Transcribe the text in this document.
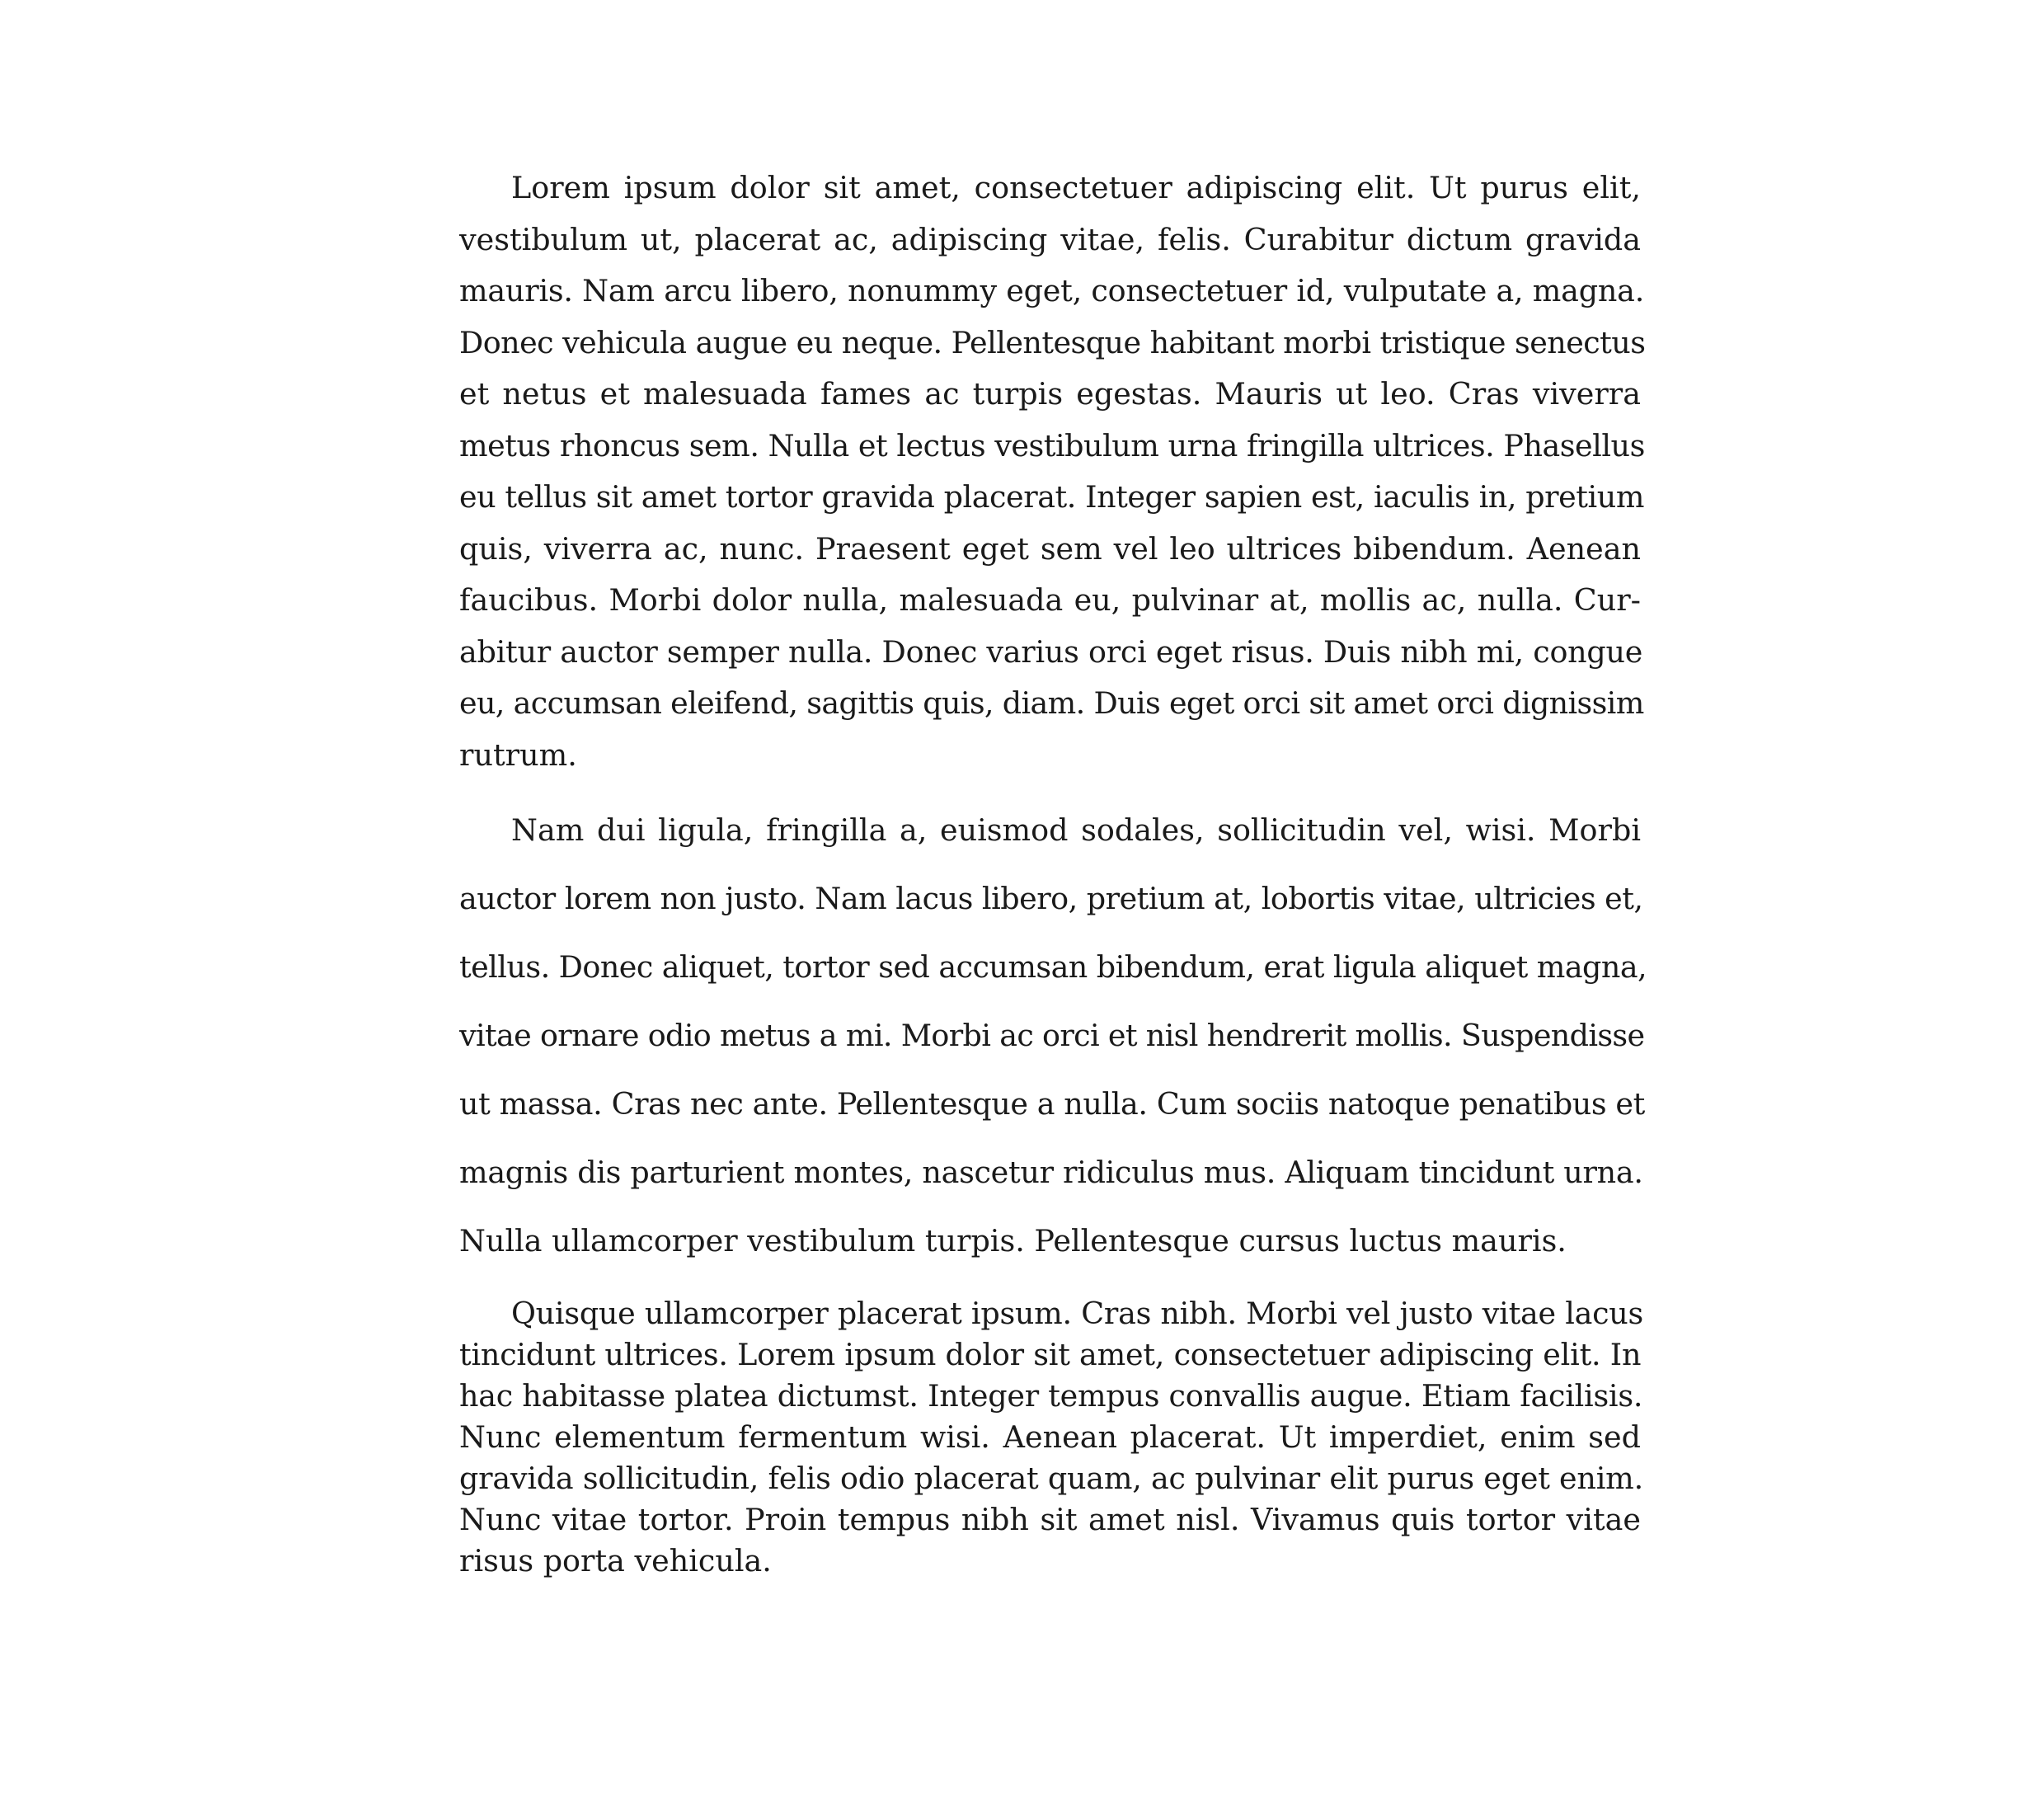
Lorem ipsum dolor sit amet, consectetuer adipiscing elit. Ut purus elit,
vestibulum ut, placerat ac, adipiscing vitae, felis. Curabitur dictum gravida
mauris. Nam arcu libero, nonummy eget, consectetuer id, vulputate a, magna.
Donec vehicula augue eu neque. Pellentesque habitant morbi tristique senectus
et netus et malesuada fames ac turpis egestas. Mauris ut leo. Cras viverra
metus rhoncus sem. Nulla et lectus vestibulum urna fringilla ultrices. Phasellus
eu tellus sit amet tortor gravida placerat. Integer sapien est, iaculis in, pretium
quis, viverra ac, nunc. Praesent eget sem vel leo ultrices bibendum. Aenean
faucibus. Morbi dolor nulla, malesuada eu, pulvinar at, mollis ac, nulla. Cur-
abitur auctor semper nulla. Donec varius orci eget risus. Duis nibh mi, congue
eu, accumsan eleifend, sagittis quis, diam. Duis eget orci sit amet orci dignissim
rutrum.

Nam dui ligula, fringilla a, euismod sodales, sollicitudin vel, wisi. Morbi
auctor lorem non justo. Nam lacus libero, pretium at, lobortis vitae, ultricies et,
tellus. Donec aliquet, tortor sed accumsan bibendum, erat ligula aliquet magna,
vitae ornare odio metus a mi. Morbi ac orci et nisl hendrerit mollis. Suspendisse
ut massa. Cras nec ante. Pellentesque a nulla. Cum sociis natoque penatibus et
magnis dis parturient montes, nascetur ridiculus mus. Aliquam tincidunt urna.
Nulla ullamcorper vestibulum turpis. Pellentesque cursus luctus mauris.

Quisque ullamcorper placerat ipsum. Cras nibh. Morbi vel justo vitae lacus
tincidunt ultrices. Lorem ipsum dolor sit amet, consectetuer adipiscing elit. In
hac habitasse platea dictumst. Integer tempus convallis augue. Etiam facilisis.
Nunc elementum fermentum wisi. Aenean placerat. Ut imperdiet, enim sed
gravida sollicitudin, felis odio placerat quam, ac pulvinar elit purus eget enim.
Nunc vitae tortor. Proin tempus nibh sit amet nisl. Vivamus quis tortor vitae
risus porta vehicula.
